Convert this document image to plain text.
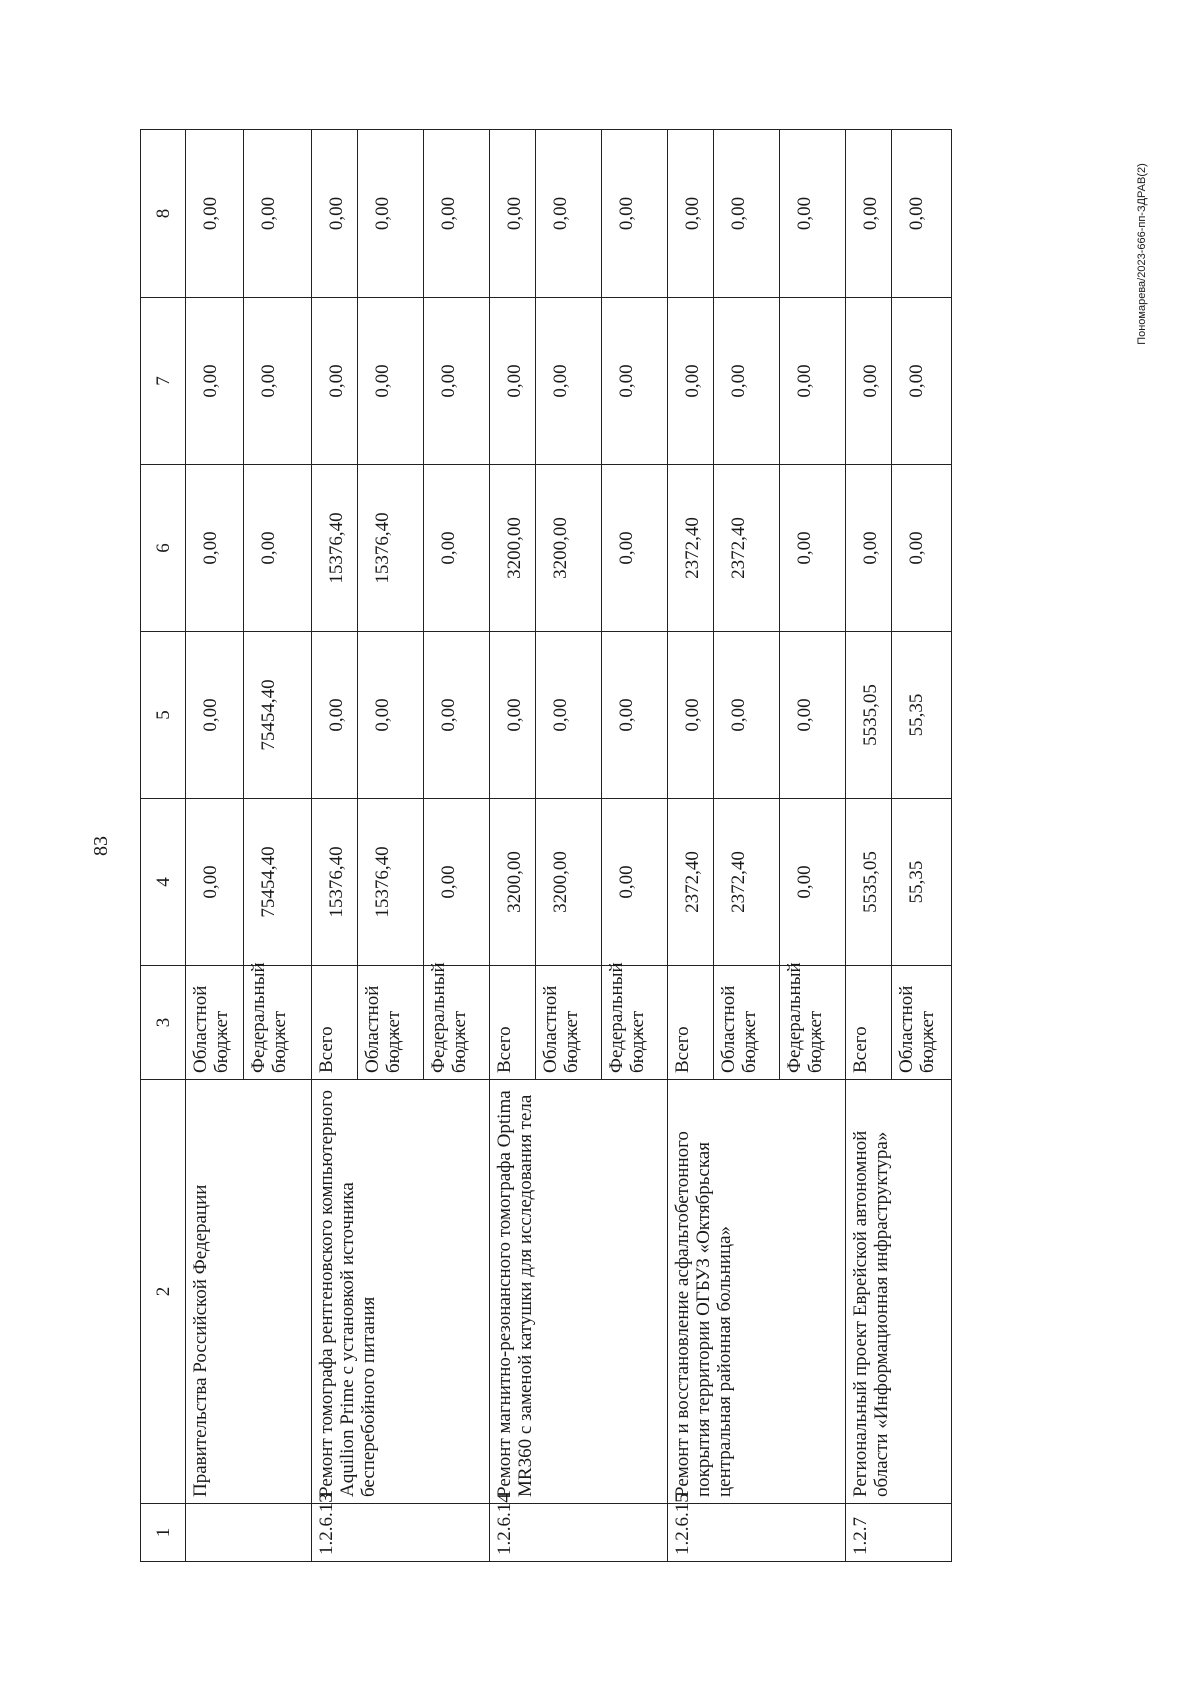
83
Пономарева/2023-666-пп-ЗДРАВ(2)
1	2	3	4	5	6	7	8
	Правительства Российской Федерации	Областной бюджет	0,00	0,00	0,00	0,00	0,00
		Федеральный бюджет	75454,40	75454,40	0,00	0,00	0,00
1.2.6.13	Ремонт томографа рентгеновского компьютерного Aquilion Prime с установкой источника бесперебойного питания	Всего	15376,40	0,00	15376,40	0,00	0,00
		Областной бюджет	15376,40	0,00	15376,40	0,00	0,00
		Федеральный бюджет	0,00	0,00	0,00	0,00	0,00
1.2.6.14	Ремонт магнитно-резонансного томографа Optima MR360 с заменой катушки для исследования тела	Всего	3200,00	0,00	3200,00	0,00	0,00
		Областной бюджет	3200,00	0,00	3200,00	0,00	0,00
		Федеральный бюджет	0,00	0,00	0,00	0,00	0,00
1.2.6.15	Ремонт и восстановление асфальтобетонного покрытия территории ОГБУЗ «Октябрьская центральная районная больница»	Всего	2372,40	0,00	2372,40	0,00	0,00
		Областной бюджет	2372,40	0,00	2372,40	0,00	0,00
		Федеральный бюджет	0,00	0,00	0,00	0,00	0,00
1.2.7	Региональный проект Еврейской автономной области «Информационная инфраструктура»	Всего	5535,05	5535,05	0,00	0,00	0,00
		Областной бюджет	55,35	55,35	0,00	0,00	0,00
